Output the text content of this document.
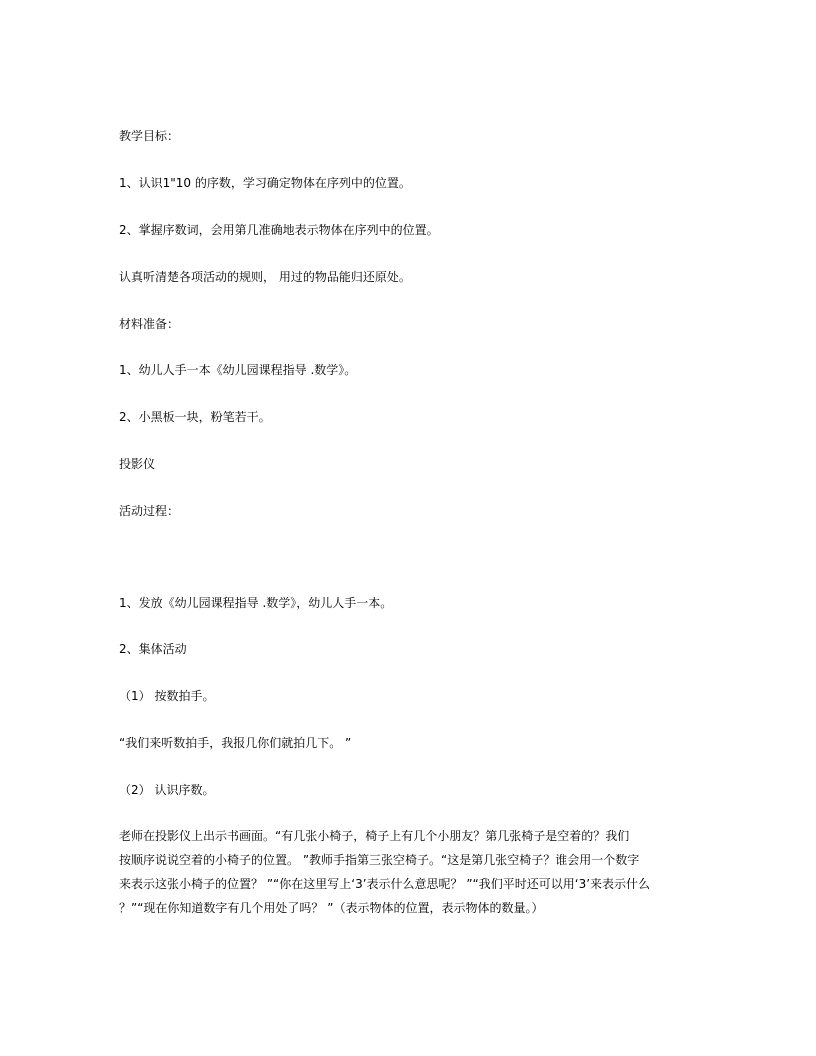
教学目标：
1、认识1"10 的序数，学习确定物体在序列中的位置。
2、掌握序数词，会用第几准确地表示物体在序列中的位置。
认真听清楚各项活动的规则， 用过的物品能归还原处。
材料准备：
1、幼儿人手一本《幼儿园课程指导 .数学》。
2、小黑板一块，粉笔若干。
投影仪
活动过程：
1、发放《幼儿园课程指导 .数学》，幼儿人手一本。
2、集体活动
（1） 按数拍手。
“我们来听数拍手，我报几你们就拍几下。 ”
（2） 认识序数。
老师在投影仪上出示书画面。“有几张小椅子，椅子上有几个小朋友？第几张椅子是空着的？我们
按顺序说说空着的小椅子的位置。 ”教师手指第三张空椅子。“这是第几张空椅子？谁会用一个数字
来表示这张小椅子的位置？ ”“你在这里写上‘3’表示什么意思呢？ ”“我们平时还可以用‘3’来表示什么
？”“现在你知道数字有几个用处了吗？ ”（表示物体的位置，表示物体的数量。）
